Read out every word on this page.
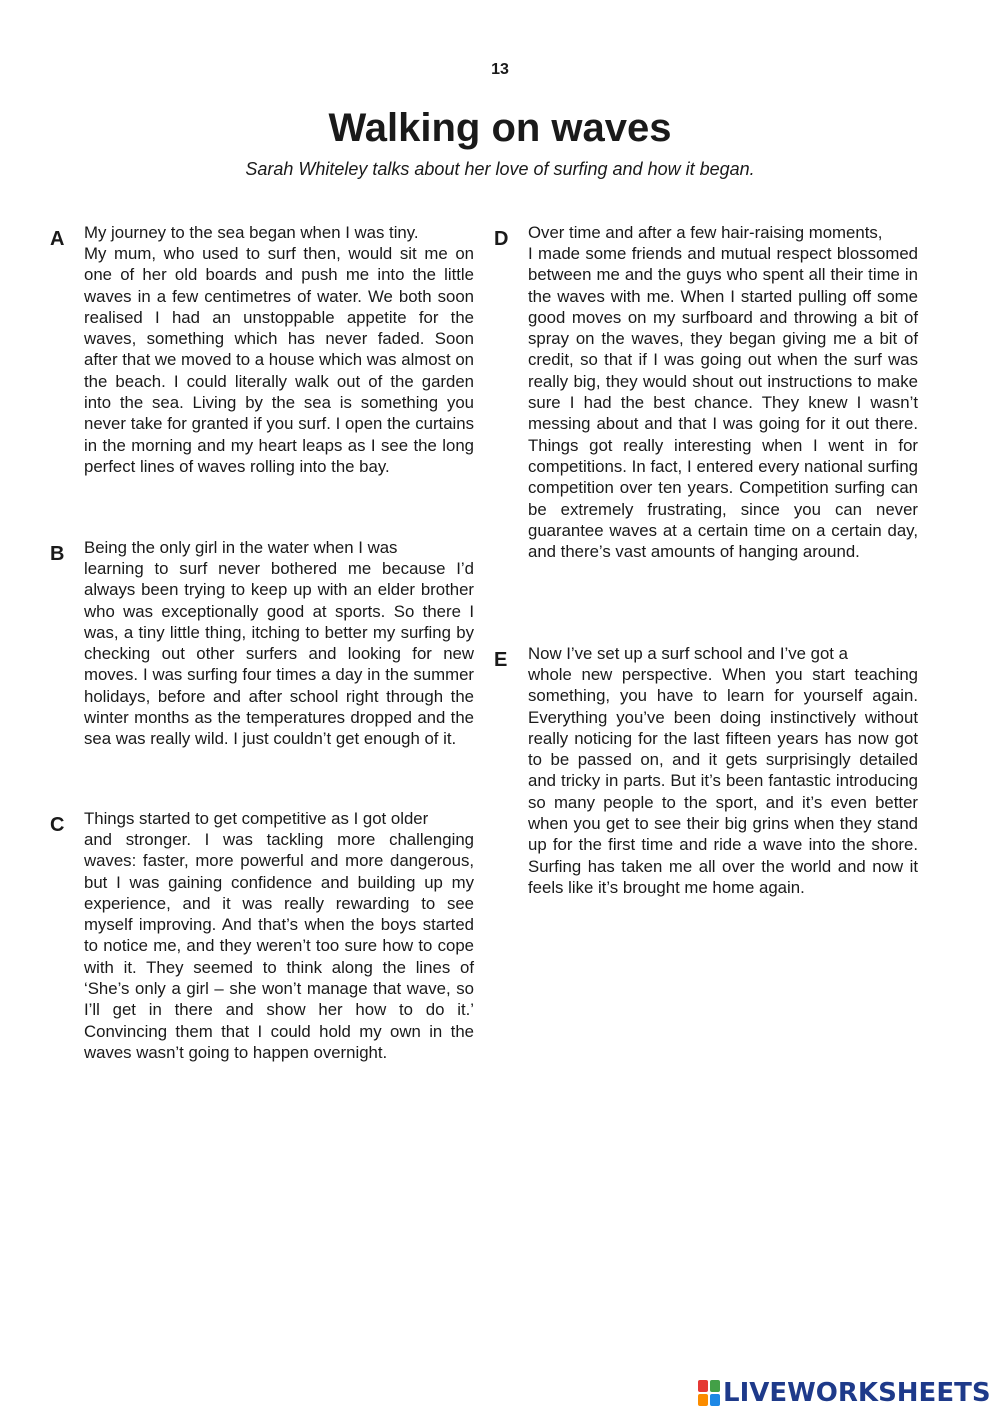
13
Walking on waves

Sarah Whiteley talks about her love of surfing and how it began.

A My journey to the sea began when I was tiny.

My mum, who used to surf then, would sit me on one of her old boards and push me into the little waves in a few centimetres of water. We both soon realised I had an unstoppable appetite for the waves, something which has never faded. Soon after that we moved to a house which was almost on the beach. I could literally walk out of the garden into the sea. Living by the sea is something you never take for granted if you surf. I open the curtains in the morning and my heart leaps as I see the long perfect lines of waves rolling into the bay.

B Being the only girl in the water when I was

learning to surf never bothered me because I’d always been trying to keep up with an elder brother who was exceptionally good at sports. So there I was, a tiny little thing, itching to better my surfing by checking out other surfers and looking for new moves. I was surfing four times a day in the summer holidays, before and after school right through the winter months as the temperatures dropped and the sea was really wild. I just couldn’t get enough of it.

C Things started to get competitive as I got older

and stronger. I was tackling more challenging waves: faster, more powerful and more dangerous, but I was gaining confidence and building up my experience, and it was really rewarding to see myself improving. And that’s when the boys started to notice me, and they weren’t too sure how to cope with it. They seemed to think along the lines of ‘She’s only a girl – she won’t manage that wave, so I’ll get in there and show her how to do it.’ Convincing them that I could hold my own in the waves wasn’t going to happen overnight.

D Over time and after a few hair-raising moments,

I made some friends and mutual respect blossomed between me and the guys who spent all their time in the waves with me. When I started pulling off some good moves on my surfboard and throwing a bit of spray on the waves, they began giving me a bit of credit, so that if I was going out when the surf was really big, they would shout out instructions to make sure I had the best chance. They knew I wasn’t messing about and that I was going for it out there. Things got really interesting when I went in for competitions. In fact, I entered every national surfing competition over ten years. Competition surfing can be extremely frustrating, since you can never guarantee waves at a certain time on a certain day, and there’s vast amounts of hanging around.

E Now I’ve set up a surf school and I’ve got a

whole new perspective. When you start teaching something, you have to learn for yourself again. Everything you’ve been doing instinctively without really noticing for the last fifteen years has now got to be passed on, and it gets surprisingly detailed and tricky in parts. But it’s been fantastic introducing so many people to the sport, and it’s even better when you get to see their big grins when they stand up for the first time and ride a wave into the shore. Surfing has taken me all over the world and now it feels like it’s brought me home again.

LIVEWORKSHEETS
